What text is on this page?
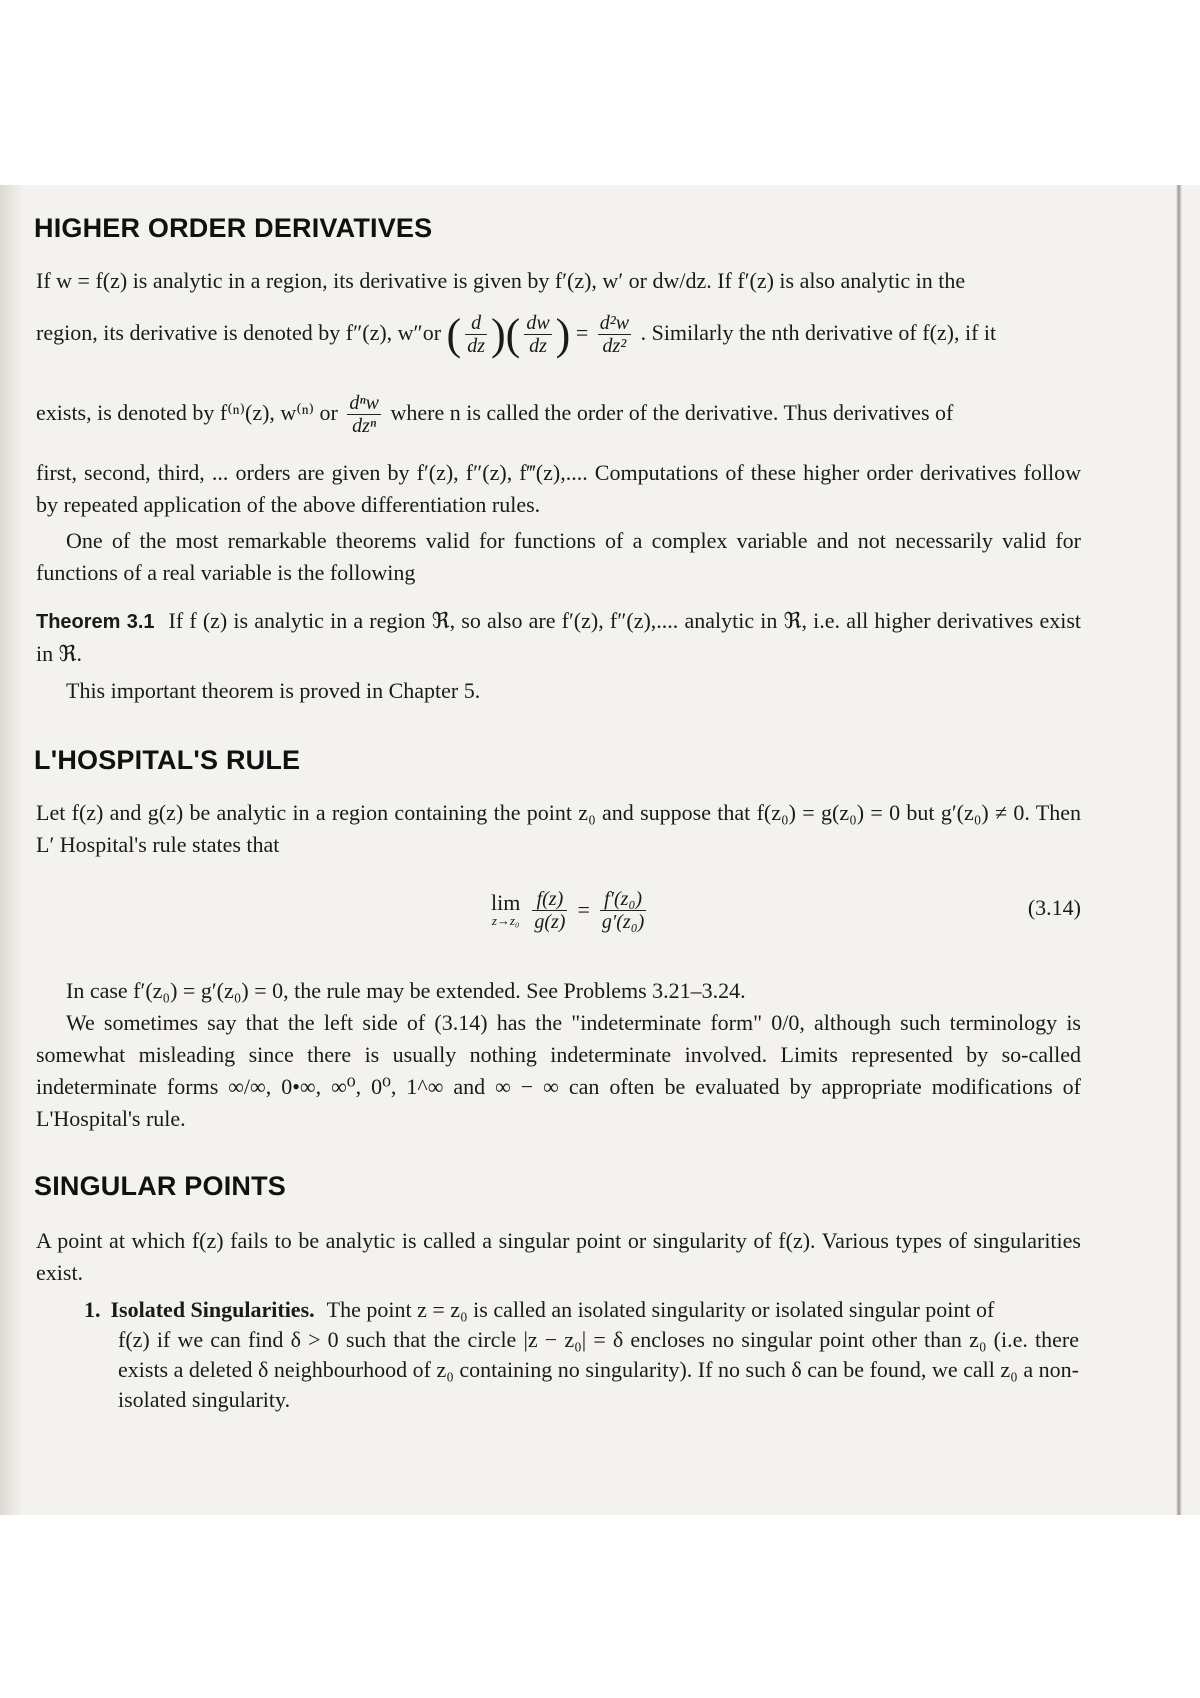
HIGHER ORDER DERIVATIVES
If w = f(z) is analytic in a region, its derivative is given by f′(z), w′ or dw/dz. If f′(z) is also analytic in the
region, its derivative is denoted by f″(z), w″or ( $\frac{d}{dz}$ )( $\frac{dw}{dz}$ ) = $\frac{\text{d²w}}{\text{dz²}}$ . Similarly the nth derivative of f(z), if it
exists, is denoted by f⁽ⁿ⁾(z), w⁽ⁿ⁾ or $\frac{\text{dⁿw}}{\text{dzⁿ}}$ where n is called the order of the derivative. Thus derivatives of
first, second, third, ... orders are given by f′(z), f″(z), f‴(z),.... Computations of these higher order derivatives follow by repeated application of the above differentiation rules.
One of the most remarkable theorems valid for functions of a complex variable and not necessarily valid for functions of a real variable is the following
Theorem 3.1 If f (z) is analytic in a region ℜ, so also are f′(z), f″(z),.... analytic in ℜ, i.e. all higher derivatives exist in ℜ.
This important theorem is proved in Chapter 5.
L'HOSPITAL'S RULE
Let f(z) and g(z) be analytic in a region containing the point z₀ and suppose that f(z₀) = g(z₀) = 0 but g′(z₀) ≠ 0. Then L′ Hospital's rule states that
lim
$z\to z_0 \frac{f(z)}{g(z)} = \frac{\text{f′(z₀)}}{\text{g′(z₀)}}$	(3.14)
In case f′(z₀) = g′(z₀) = 0, the rule may be extended. See Problems 3.21–3.24.
We sometimes say that the left side of (3.14) has the "indeterminate form" 0/0, although such terminology is somewhat misleading since there is usually nothing indeterminate involved. Limits represented by so-called indeterminate forms ∞/∞, 0•∞, ∞⁰, 0⁰, 1^∞ and ∞ − ∞ can often be evaluated by appropriate modifications of L'Hospital's rule.
SINGULAR POINTS
A point at which f(z) fails to be analytic is called a singular point or singularity of f(z). Various types of singularities exist.
1. Isolated Singularities. The point z = z₀ is called an isolated singularity or isolated singular point of
f(z) if we can find δ > 0 such that the circle |z − z₀| = δ encloses no singular point other than z₀ (i.e. there exists a deleted δ neighbourhood of z₀ containing no singularity). If no such δ can be found, we call z₀ a non-isolated singularity.
